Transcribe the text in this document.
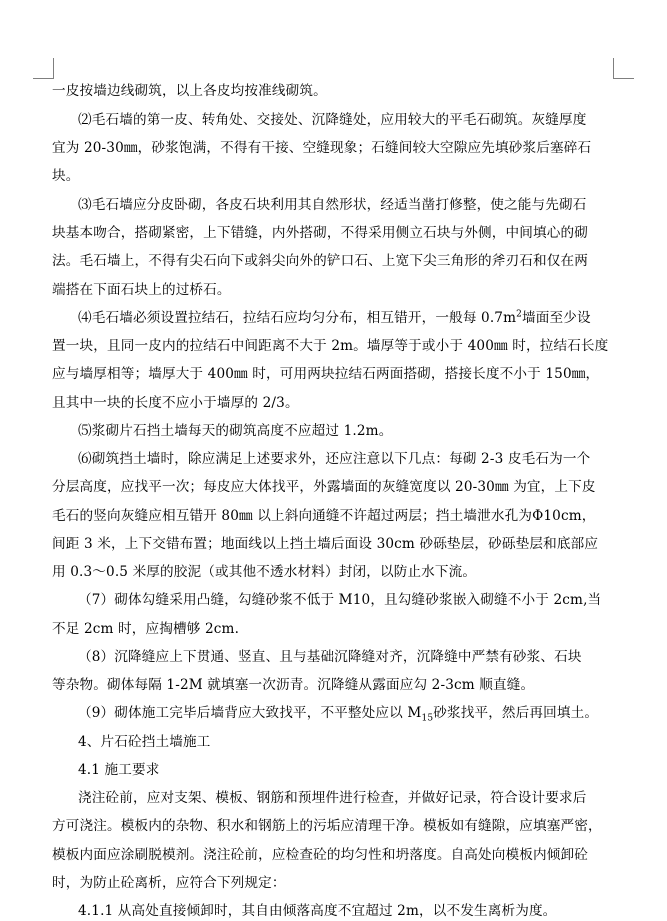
一皮按墙边线砌筑，以上各皮均按准线砌筑。
⑵毛石墙的第一皮、转角处、交接处、沉降缝处，应用较大的平毛石砌筑。灰缝厚度
宜为 20-30㎜，砂浆饱满，不得有干接、空缝现象；石缝间较大空隙应先填砂浆后塞碎石
块。
⑶毛石墙应分皮卧砌，各皮石块利用其自然形状，经适当凿打修整，使之能与先砌石
块基本吻合，搭砌紧密，上下错缝，内外搭砌，不得采用侧立石块与外侧，中间填心的砌
法。毛石墙上，不得有尖石向下或斜尖向外的铲口石、上宽下尖三角形的斧刃石和仅在两
端搭在下面石块上的过桥石。
⑷毛石墙必须设置拉结石，拉结石应均匀分布，相互错开，一般每 $0.7m^2$墙面至少设
置一块，且同一皮内的拉结石中间距离不大于 2m。墙厚等于或小于 400㎜ 时，拉结石长度
应与墙厚相等；墙厚大于 400㎜ 时，可用两块拉结石两面搭砌，搭接长度不小于 150㎜，
且其中一块的长度不应小于墙厚的 2/3。
⑸浆砌片石挡土墙每天的砌筑高度不应超过 1.2m。
⑹砌筑挡土墙时，除应满足上述要求外，还应注意以下几点：每砌 2-3 皮毛石为一个
分层高度，应找平一次；每皮应大体找平，外露墙面的灰缝宽度以 20-30㎜ 为宜，上下皮
毛石的竖向灰缝应相互错开 80㎜ 以上斜向通缝不许超过两层；挡土墙泄水孔为Φ10cm，
间距 3 米，上下交错布置；地面线以上挡土墙后面设 30cm 砂砾垫层，砂砾垫层和底部应
用 0.3～0.5 米厚的胶泥（或其他不透水材料）封闭，以防止水下流。
（7）砌体勾缝采用凸缝，勾缝砂浆不低于 M10，且勾缝砂浆嵌入砌缝不小于 2cm,当
不足 2cm 时，应掏槽够 2cm.
（8）沉降缝应上下贯通、竖直、且与基础沉降缝对齐，沉降缝中严禁有砂浆、石块
等杂物。砌体每隔 1-2M 就填塞一次沥青。沉降缝从露面应勾 2-3cm 顺直缝。
（9）砌体施工完毕后墙背应大致找平，不平整处应以 $M_{15}$砂浆找平，然后再回填土。
4、片石砼挡土墙施工
4.1 施工要求
浇注砼前，应对支架、模板、钢筋和预埋件进行检查，并做好记录，符合设计要求后
方可浇注。模板内的杂物、积水和钢筋上的污垢应清理干净。模板如有缝隙，应填塞严密，
模板内面应涂刷脱模剂。浇注砼前，应检查砼的均匀性和坍落度。自高处向模板内倾卸砼
时，为防止砼离析，应符合下列规定：
4.1.1 从高处直接倾卸时，其自由倾落高度不宜超过 2m，以不发生离析为度。
